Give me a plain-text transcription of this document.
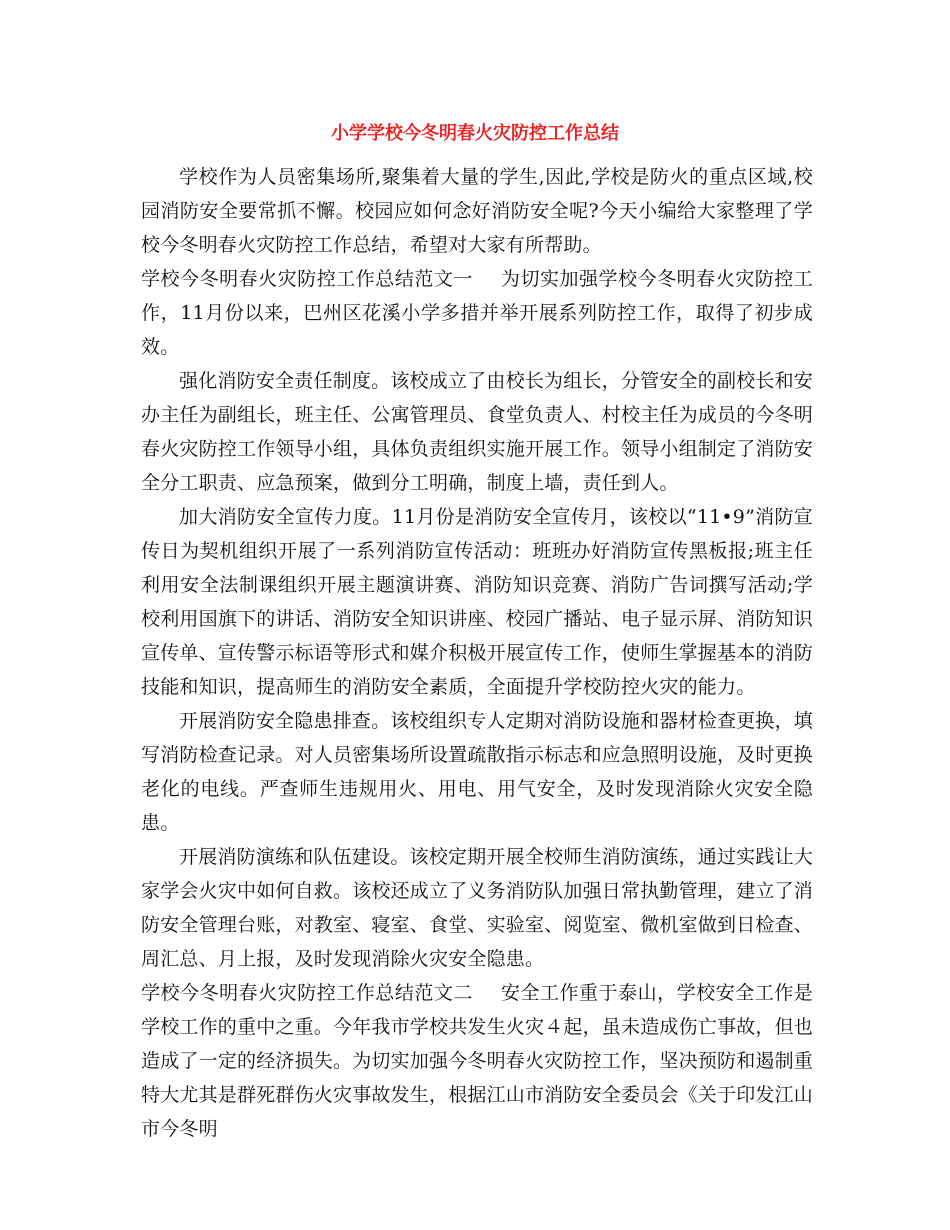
小学学校今冬明春火灾防控工作总结

学校作为人员密集场所,聚集着大量的学生,因此,学校是防火的重点区域,校园消防安全要常抓不懈。校园应如何念好消防安全呢?今天小编给大家整理了学校今冬明春火灾防控工作总结，希望对大家有所帮助。

学校今冬明春火灾防控工作总结范文一 为切实加强学校今冬明春火灾防控工作，11月份以来，巴州区花溪小学多措并举开展系列防控工作，取得了初步成效。

强化消防安全责任制度。该校成立了由校长为组长，分管安全的副校长和安办主任为副组长，班主任、公寓管理员、食堂负责人、村校主任为成员的今冬明春火灾防控工作领导小组，具体负责组织实施开展工作。领导小组制定了消防安全分工职责、应急预案，做到分工明确，制度上墙，责任到人。

加大消防安全宣传力度。11月份是消防安全宣传月，该校以“11•9”消防宣传日为契机组织开展了一系列消防宣传活动：班班办好消防宣传黑板报;班主任利用安全法制课组织开展主题演讲赛、消防知识竞赛、消防广告词撰写活动;学校利用国旗下的讲话、消防安全知识讲座、校园广播站、电子显示屏、消防知识宣传单、宣传警示标语等形式和媒介积极开展宣传工作，使师生掌握基本的消防技能和知识，提高师生的消防安全素质，全面提升学校防控火灾的能力。

开展消防安全隐患排查。该校组织专人定期对消防设施和器材检查更换，填写消防检查记录。对人员密集场所设置疏散指示标志和应急照明设施，及时更换老化的电线。严查师生违规用火、用电、用气安全，及时发现消除火灾安全隐患。

开展消防演练和队伍建设。该校定期开展全校师生消防演练，通过实践让大家学会火灾中如何自救。该校还成立了义务消防队加强日常执勤管理，建立了消防安全管理台账，对教室、寝室、食堂、实验室、阅览室、微机室做到日检查、周汇总、月上报，及时发现消除火灾安全隐患。

学校今冬明春火灾防控工作总结范文二 安全工作重于泰山，学校安全工作是学校工作的重中之重。今年我市学校共发生火灾４起，虽未造成伤亡事故，但也造成了一定的经济损失。为切实加强今冬明春火灾防控工作，坚决预防和遏制重特大尤其是群死群伤火灾事故发生，根据江山市消防安全委员会《关于印发江山市今冬明
